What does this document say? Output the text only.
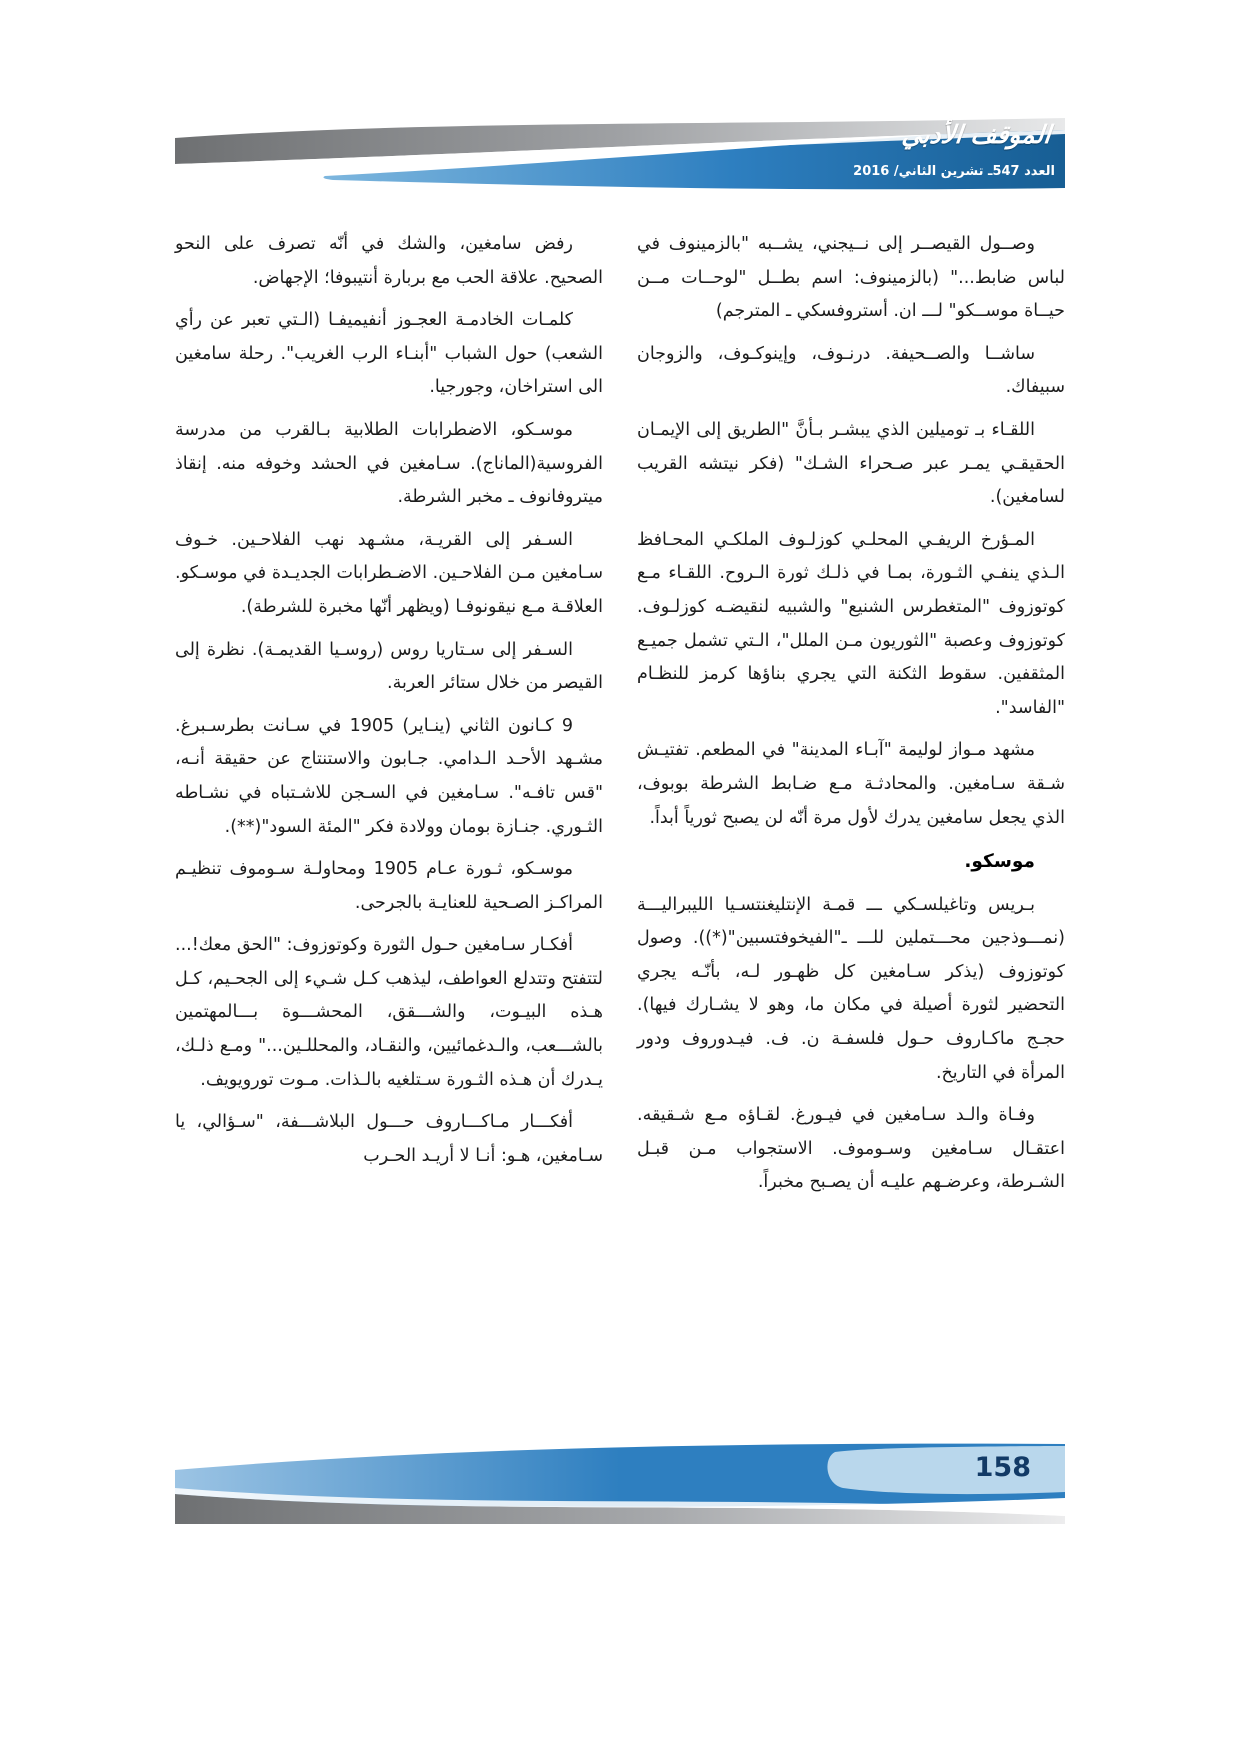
الموقف الأدبي
العدد 547ـ تشرين الثاني/ 2016

وصــول القيصــر إلى نــيجني، يشــبه "بالزمينوف في لباس ضابط..." (بالزمينوف: اسم بطــل "لوحــات مــن حيــاة موســكو" لـــ ان. أستروفسكي ـ المترجم)

ساشــا والصــحيفة. درنـوف، وإينوكـوف، والزوجان سبيفاك.

اللقـاء بـ توميلين الذي يبشـر بـأنَّ "الطريق إلى الإيمـان الحقيقـي يمـر عبر صـحراء الشـك" (فكر نيتشه القريب لسامغين).

المـؤرخ الريفـي المحلـي كوزلـوف الملكـي المحـافظ الـذي ينفـي الثـورة، بمـا في ذلـك ثورة الـروح. اللقـاء مـع كوتوزوف "المتغطرس الشنيع" والشبيه لنقيضـه كوزلـوف. كوتوزوف وعصبة "الثوريون مـن الملل"، الـتي تشمل جميـع المثقفين. سقوط الثكنة التي يجري بناؤها كرمز للنظـام "الفاسد".

مشهد مـواز لوليمة "آبـاء المدينة" في المطعم. تفتيـش شـقة سـامغين. والمحادثـة مـع ضـابط الشرطة بوبوف، الذي يجعل سامغين يدرك لأول مرة أنّه لن يصبح ثورياً أبداً.

موسكو.

بـريس وتاغيلسـكي ـــ قمـة الإنتليغنتسـيا الليبراليـــة (نمـــوذجين محـــتملين للـــ ـ"الفيخوفتسبين"(*)). وصول كوتوزوف (يذكر سـامغين كل ظهـور لـه، بأنّـه يجري التحضير لثورة أصيلة في مكان ما، وهو لا يشـارك فيها). حجـج ماكـاروف حـول فلسفـة ن. ف. فيـدوروف ودور المرأة في التاريخ.

وفـاة والـد سـامغين في فيـورغ. لقـاؤه مـع شـقيقه. اعتقـال سـامغين وسـوموف. الاستجواب مـن قبـل الشـرطة، وعرضـهم عليـه أن يصـبح مخبراً.

رفض سامغين، والشك في أنّه تصرف على النحو الصحيح. علاقة الحب مع بربارة أنتيبوفا؛ الإجهاض.

كلمـات الخادمـة العجـوز أنفيميفـا (الـتي تعبر عن رأي الشعب) حول الشباب "أبنـاء الرب الغريب". رحلة سامغين الى استراخان، وجورجيا.

موسـكو، الاضطرابات الطلابية بـالقرب من مدرسة الفروسية(الماناج). سـامغين في الحشد وخوفه منه. إنقاذ ميتروفانوف ـ مخبر الشرطة.

السـفر إلى القريـة، مشـهد نهب الفلاحـين. خـوف سـامغين مـن الفلاحـين. الاضـطرابات الجديـدة في موسـكو. العلاقـة مـع نيقونوفـا (ويظهر أنّها مخبرة للشرطة).

السـفر إلى سـتاريا روس (روسـيا القديمـة). نظرة إلى القيصر من خلال ستائر العربة.

9 كـانون الثاني (ينـاير) 1905 في سـانت بطرسـبرغ. مشـهد الأحـد الـدامي. جـابون والاستنتاج عن حقيقة أنـه، "قس تافـه". سـامغين في السـجن للاشـتباه في نشـاطه الثـوري. جنـازة بومان وولادة فكر "المئة السود"(**).

موسـكو، ثـورة عـام 1905 ومحاولـة سـوموف تنظيـم المراكـز الصـحية للعنايـة بالجرحى.

أفكـار سـامغين حـول الثورة وكوتوزوف: "الحق معك!... لتتفتح وتتدلع العواطف، ليذهب كـل شـيء إلى الجحـيم، كـل هـذه البيـوت، والشـــقق، المحشـــوة بـــالمهتمين بالشـــعب، والـدغمائيين، والنقـاد، والمحللـين..." ومـع ذلـك، يـدرك أن هـذه الثـورة سـتلغيه بالـذات. مـوت تورويويف.

أفكـــار مـاكـــاروف حـــول البلاشـــفة، "سـؤالي، يا سـامغين، هـو: أنـا لا أريـد الحـرب

158
